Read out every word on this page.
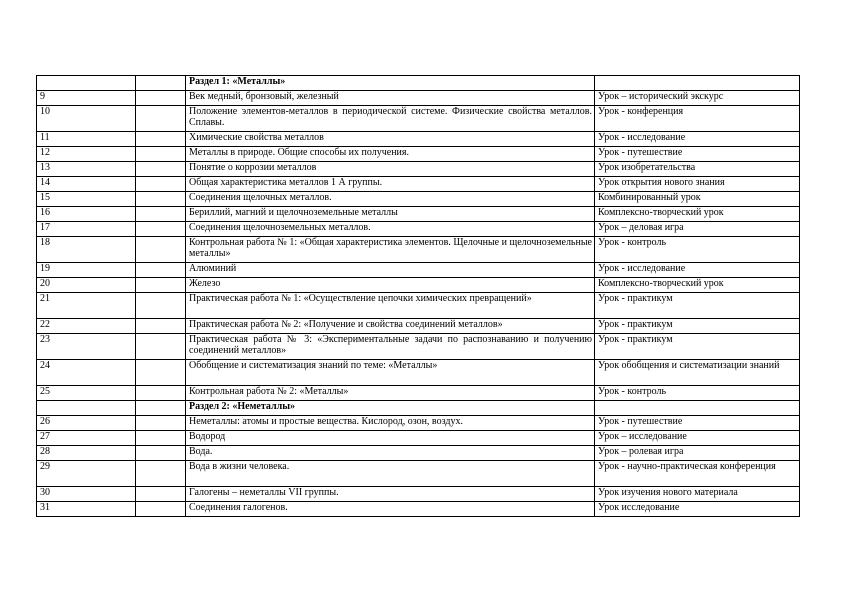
		Раздел 1: «Металлы»	
9		Век медный, бронзовый, железный	Урок – исторический экскурс
10		Положение элементов-металлов в периодической системе. Физические свойства металлов. Сплавы.	Урок - конференция
11		Химические свойства металлов	Урок - исследование
12		Металлы в природе. Общие способы их получения.	Урок - путешествие
13		Понятие о коррозии металлов	Урок изобретательства
14		Общая характеристика металлов 1 А группы.	Урок открытия нового знания
15		Соединения щелочных металлов.	Комбинированный урок
16		Бериллий, магний и щелочноземельные металлы	Комплексно-творческий урок
17		Соединения щелочноземельных металлов.	Урок – деловая игра
18		Контрольная работа № 1: «Общая характеристика элементов. Щелочные и щелочноземельные металлы»	Урок - контроль
19		Алюминий	Урок - исследование
20		Железо	Комплексно-творческий урок
21		Практическая работа № 1: «Осуществление цепочки химических превращений»	Урок - практикум
22		Практическая работа № 2: «Получение и свойства соединений металлов»	Урок - практикум
23		Практическая работа № 3: «Экспериментальные задачи по распознаванию и получению соединений металлов»	Урок - практикум
24		Обобщение и систематизация знаний по теме: «Металлы»	Урок обобщения и систематизации знаний
25		Контрольная работа № 2: «Металлы»	Урок - контроль
		Раздел 2: «Неметаллы»	
26		Неметаллы: атомы и простые вещества. Кислород, озон, воздух.	Урок - путешествие
27		Водород	Урок – исследование
28		Вода.	Урок – ролевая игра
29		Вода в жизни человека.	Урок - научно-практическая конференция
30		Галогены – неметаллы VII группы.	Урок изучения нового материала
31		Соединения галогенов.	Урок исследование
